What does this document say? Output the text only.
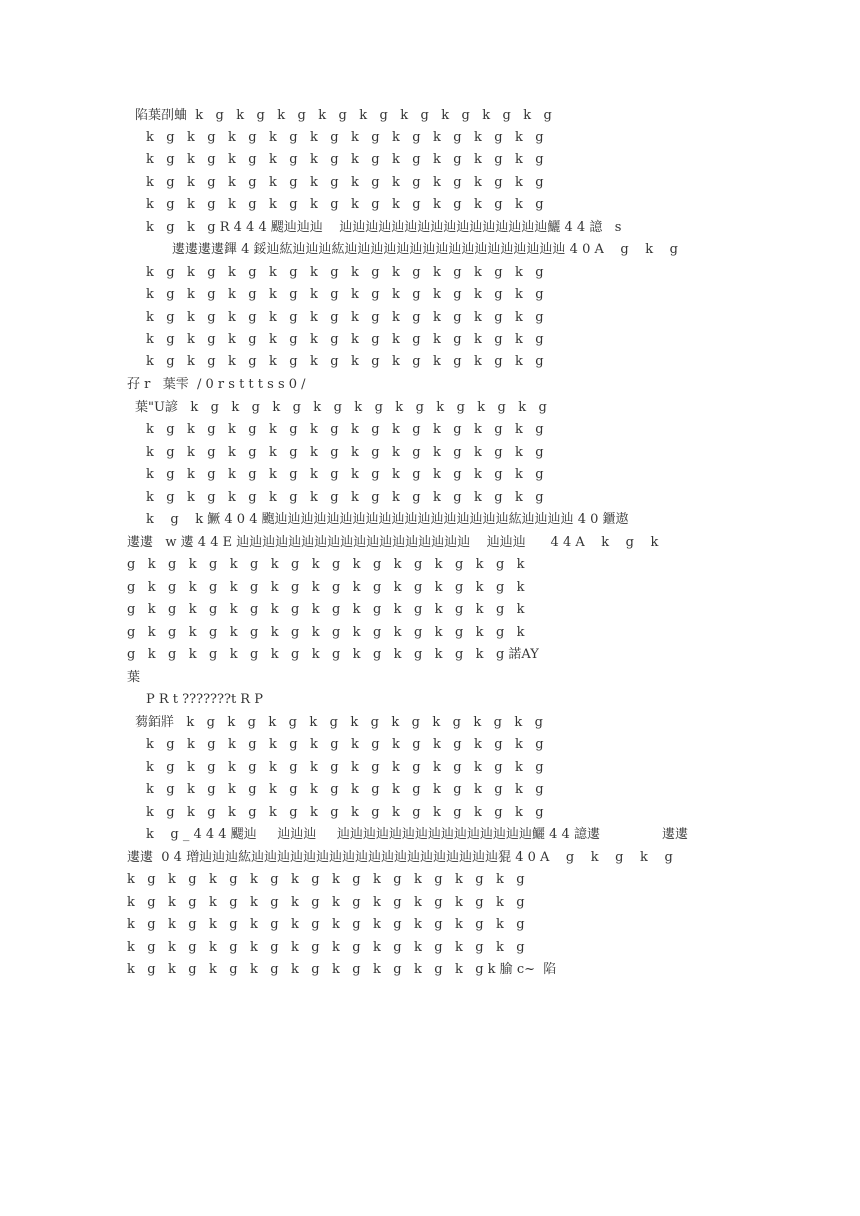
陷葉刟蛐  k   g   k   g   k   g   k   g   k   g   k   g   k   g   k   g   k   g
k   g   k   g   k   g   k   g   k   g   k   g   k   g   k   g   k   g   k   g
k   g   k   g   k   g   k   g   k   g   k   g   k   g   k   g   k   g   k   g
k   g   k   g   k   g   k   g   k   g   k   g   k   g   k   g   k   g   k   g
k   g   k   g   k   g   k   g   k   g   k   g   k   g   k   g   k   g   k   g
k   g   k   g R 4 4 4 颸辿辿辿    辿辿辿辿辿辿辿辿辿辿辿辿辿辿辿辿鱺 4 4 譩   s
遱遱遱遱鏎 4 鋖辿紘辿辿辿紘辿辿辿辿辿辿辿辿辿辿辿辿辿辿辿辿辿 4 0 A    g    k    g
k   g   k   g   k   g   k   g   k   g   k   g   k   g   k   g   k   g   k   g
k   g   k   g   k   g   k   g   k   g   k   g   k   g   k   g   k   g   k   g
k   g   k   g   k   g   k   g   k   g   k   g   k   g   k   g   k   g   k   g
k   g   k   g   k   g   k   g   k   g   k   g   k   g   k   g   k   g   k   g
k   g   k   g   k   g   k   g   k   g   k   g   k   g   k   g   k   g   k   g
孖 r   葉雫  / 0 r s t t t s s 0 /
葉"U諺   k   g   k   g   k   g   k   g   k   g   k   g   k   g   k   g   k   g
k   g   k   g   k   g   k   g   k   g   k   g   k   g   k   g   k   g   k   g
k   g   k   g   k   g   k   g   k   g   k   g   k   g   k   g   k   g   k   g
k   g   k   g   k   g   k   g   k   g   k   g   k   g   k   g   k   g   k   g
k   g   k   g   k   g   k   g   k   g   k   g   k   g   k   g   k   g   k   g
k    g    k 鱖 4 0 4 颮辿辿辿辿辿辿辿辿辿辿辿辿辿辿辿辿辿辿紘辿辿辿辿 4 0 鑎遨
遱遱   w 遱 4 4 E 辿辿辿辿辿辿辿辿辿辿辿辿辿辿辿辿辿辿    辿辿辿      4 4 A    k    g    k
g   k   g   k   g   k   g   k   g   k   g   k   g   k   g   k   g   k   g   k
g   k   g   k   g   k   g   k   g   k   g   k   g   k   g   k   g   k   g   k
g   k   g   k   g   k   g   k   g   k   g   k   g   k   g   k   g   k   g   k
g   k   g   k   g   k   g   k   g   k   g   k   g   k   g   k   g   k   g   k
g   k   g   k   g   k   g   k   g   k   g   k   g   k   g   k   g   k   g 諾AY
葉
P R t ???????t R P
蒭銆牂   k   g   k   g   k   g   k   g   k   g   k   g   k   g   k   g   k   g
k   g   k   g   k   g   k   g   k   g   k   g   k   g   k   g   k   g   k   g
k   g   k   g   k   g   k   g   k   g   k   g   k   g   k   g   k   g   k   g
k   g   k   g   k   g   k   g   k   g   k   g   k   g   k   g   k   g   k   g
k   g   k   g   k   g   k   g   k   g   k   g   k   g   k   g   k   g   k   g
k    g _ 4 4 4 颸辿     辿辿辿     辿辿辿辿辿辿辿辿辿辿辿辿辿辿辿鱺 4 4 譩遱               遱遱
遱遱  0 4 璔辿辿辿紘辿辿辿辿辿辿辿辿辿辿辿辿辿辿辿辿辿辿辿猑 4 0 A    g    k    g    k    g
k   g   k   g   k   g   k   g   k   g   k   g   k   g   k   g   k   g   k   g
k   g   k   g   k   g   k   g   k   g   k   g   k   g   k   g   k   g   k   g
k   g   k   g   k   g   k   g   k   g   k   g   k   g   k   g   k   g   k   g
k   g   k   g   k   g   k   g   k   g   k   g   k   g   k   g   k   g   k   g
k   g   k   g   k   g   k   g   k   g   k   g   k   g   k   g   k   g k 腧 c~  陷
